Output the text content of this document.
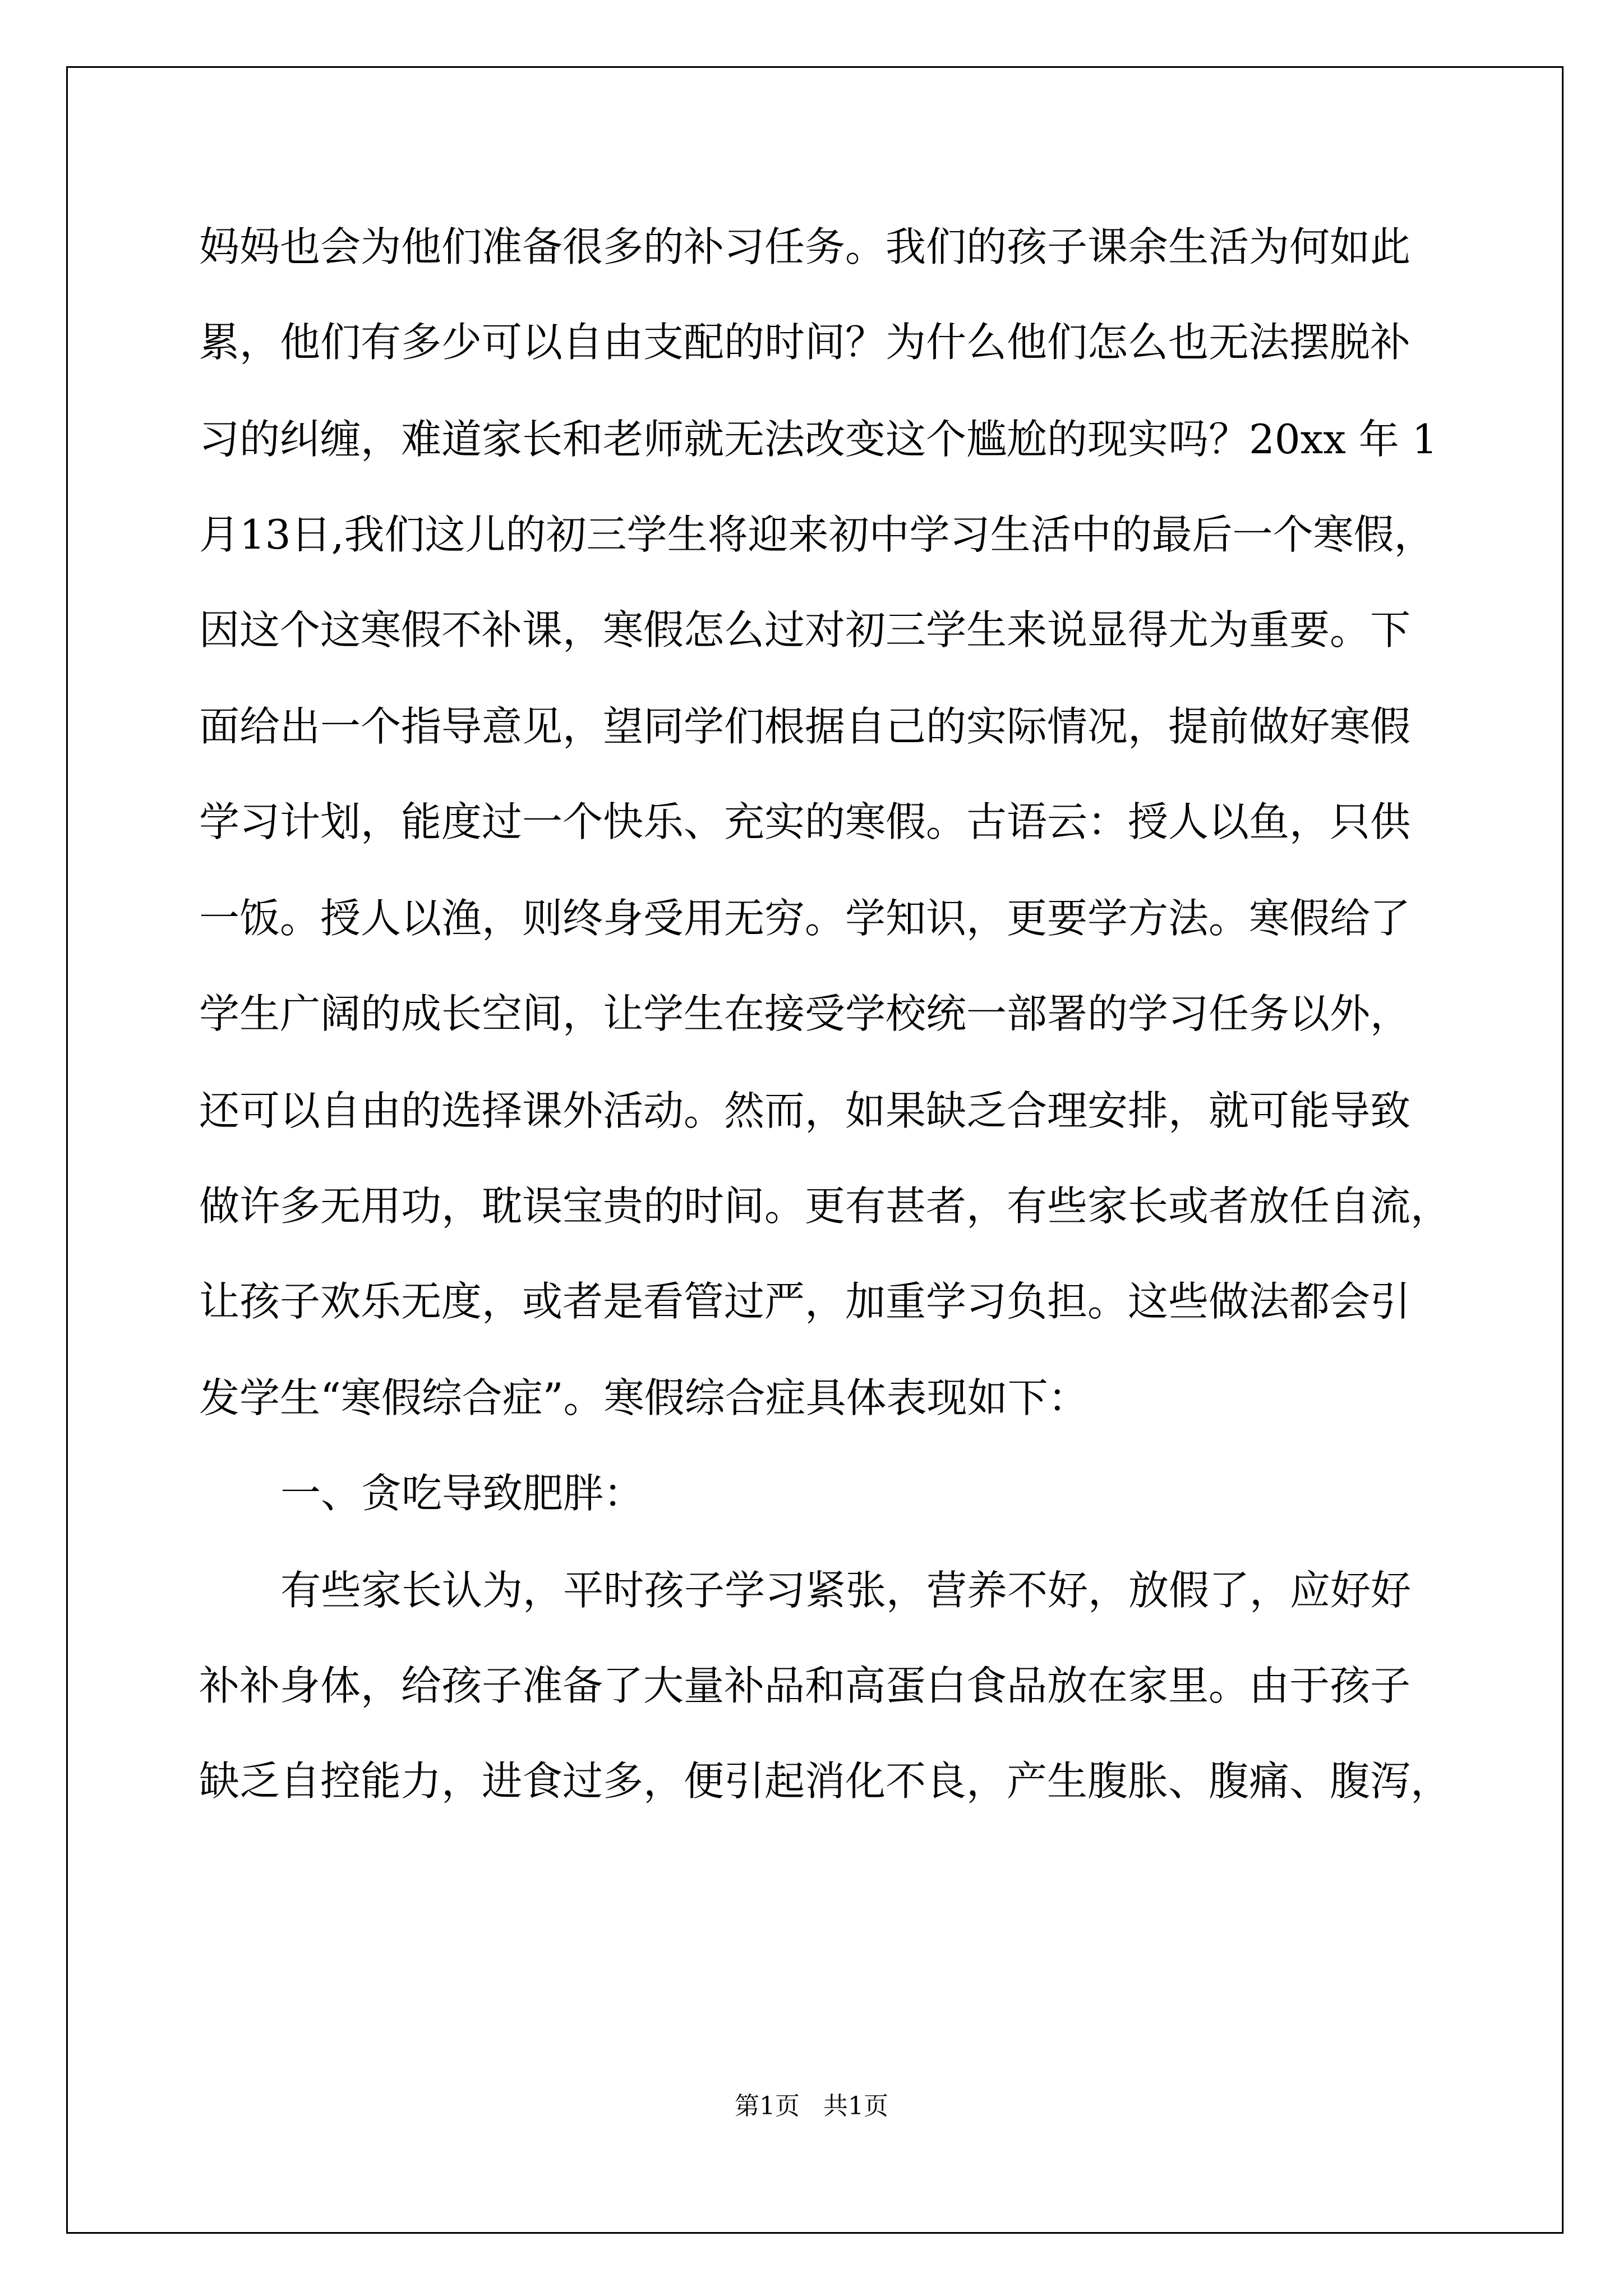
妈妈也会为他们准备很多的补习任务。我们的孩子课余生活为何如此

累，他们有多少可以自由支配的时间？为什么他们怎么也无法摆脱补

习的纠缠，难道家长和老师就无法改变这个尴尬的现实吗？20xx 年 1

月13日,我们这儿的初三学生将迎来初中学习生活中的最后一个寒假，

因这个这寒假不补课，寒假怎么过对初三学生来说显得尤为重要。下

面给出一个指导意见，望同学们根据自己的实际情况，提前做好寒假

学习计划，能度过一个快乐、充实的寒假。古语云：授人以鱼，只供

一饭。授人以渔，则终身受用无穷。学知识，更要学方法。寒假给了

学生广阔的成长空间，让学生在接受学校统一部署的学习任务以外，

还可以自由的选择课外活动。然而，如果缺乏合理安排，就可能导致

做许多无用功，耽误宝贵的时间。更有甚者，有些家长或者放任自流，

让孩子欢乐无度，或者是看管过严，加重学习负担。这些做法都会引

发学生“寒假综合症”。寒假综合症具体表现如下：

一、贪吃导致肥胖：

有些家长认为，平时孩子学习紧张，营养不好，放假了，应好好

补补身体，给孩子准备了大量补品和高蛋白食品放在家里。由于孩子

缺乏自控能力，进食过多，便引起消化不良，产生腹胀、腹痛、腹泻，

第1页   共1页
